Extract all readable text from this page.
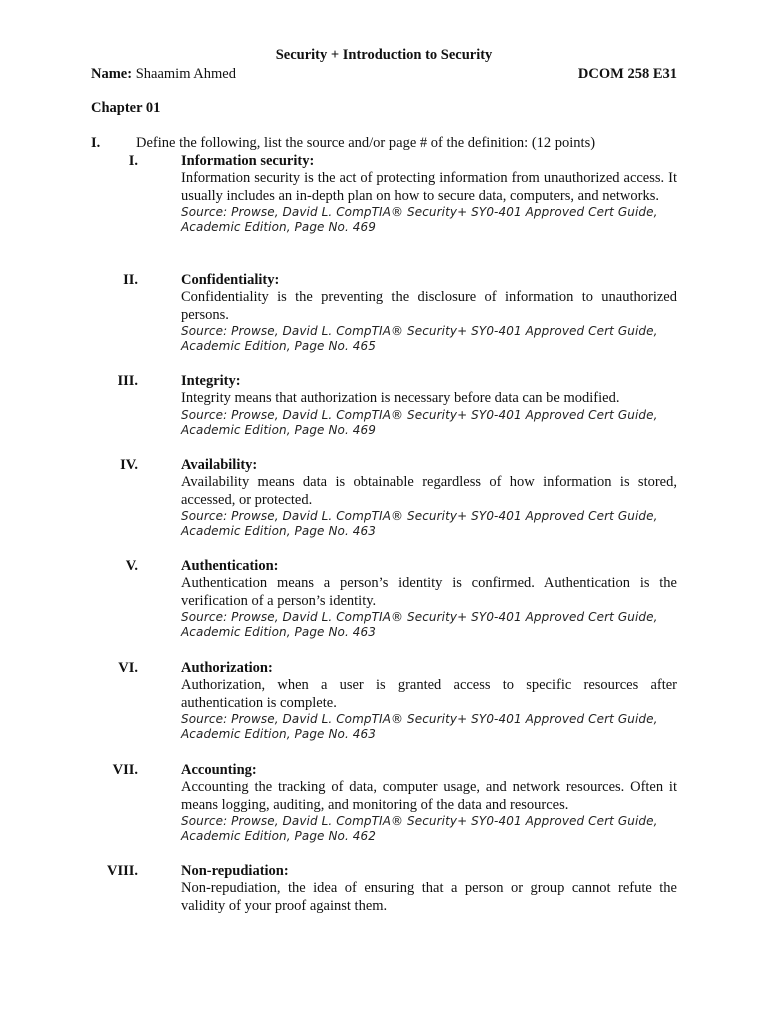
Security + Introduction to Security
Name: Shaamim Ahmed	DCOM 258 E31
Chapter 01
I. Define the following, list the source and/or page # of the definition: (12 points)
I.	Information security:
Information security is the act of protecting information from unauthorized access. It usually includes an in-depth plan on how to secure data, computers, and networks.
Source: Prowse, David L. CompTIA® Security+ SY0-401 Approved Cert Guide, Academic Edition, Page No. 469
II.	Confidentiality:
Confidentiality is the preventing the disclosure of information to unauthorized persons.
Source: Prowse, David L. CompTIA® Security+ SY0-401 Approved Cert Guide, Academic Edition, Page No. 465
III.	Integrity:
Integrity means that authorization is necessary before data can be modified.
Source: Prowse, David L. CompTIA® Security+ SY0-401 Approved Cert Guide, Academic Edition, Page No. 469
IV.	Availability:
Availability means data is obtainable regardless of how information is stored, accessed, or protected.
Source: Prowse, David L. CompTIA® Security+ SY0-401 Approved Cert Guide, Academic Edition, Page No. 463
V.	Authentication:
Authentication means a person’s identity is confirmed. Authentication is the verification of a person’s identity.
Source: Prowse, David L. CompTIA® Security+ SY0-401 Approved Cert Guide, Academic Edition, Page No. 463
VI.	Authorization:
Authorization, when a user is granted access to specific resources after authentication is complete.
Source: Prowse, David L. CompTIA® Security+ SY0-401 Approved Cert Guide, Academic Edition, Page No. 463
VII.	Accounting:
Accounting the tracking of data, computer usage, and network resources. Often it means logging, auditing, and monitoring of the data and resources.
Source: Prowse, David L. CompTIA® Security+ SY0-401 Approved Cert Guide, Academic Edition, Page No. 462
VIII.	Non-repudiation:
Non-repudiation, the idea of ensuring that a person or group cannot refute the validity of your proof against them.
